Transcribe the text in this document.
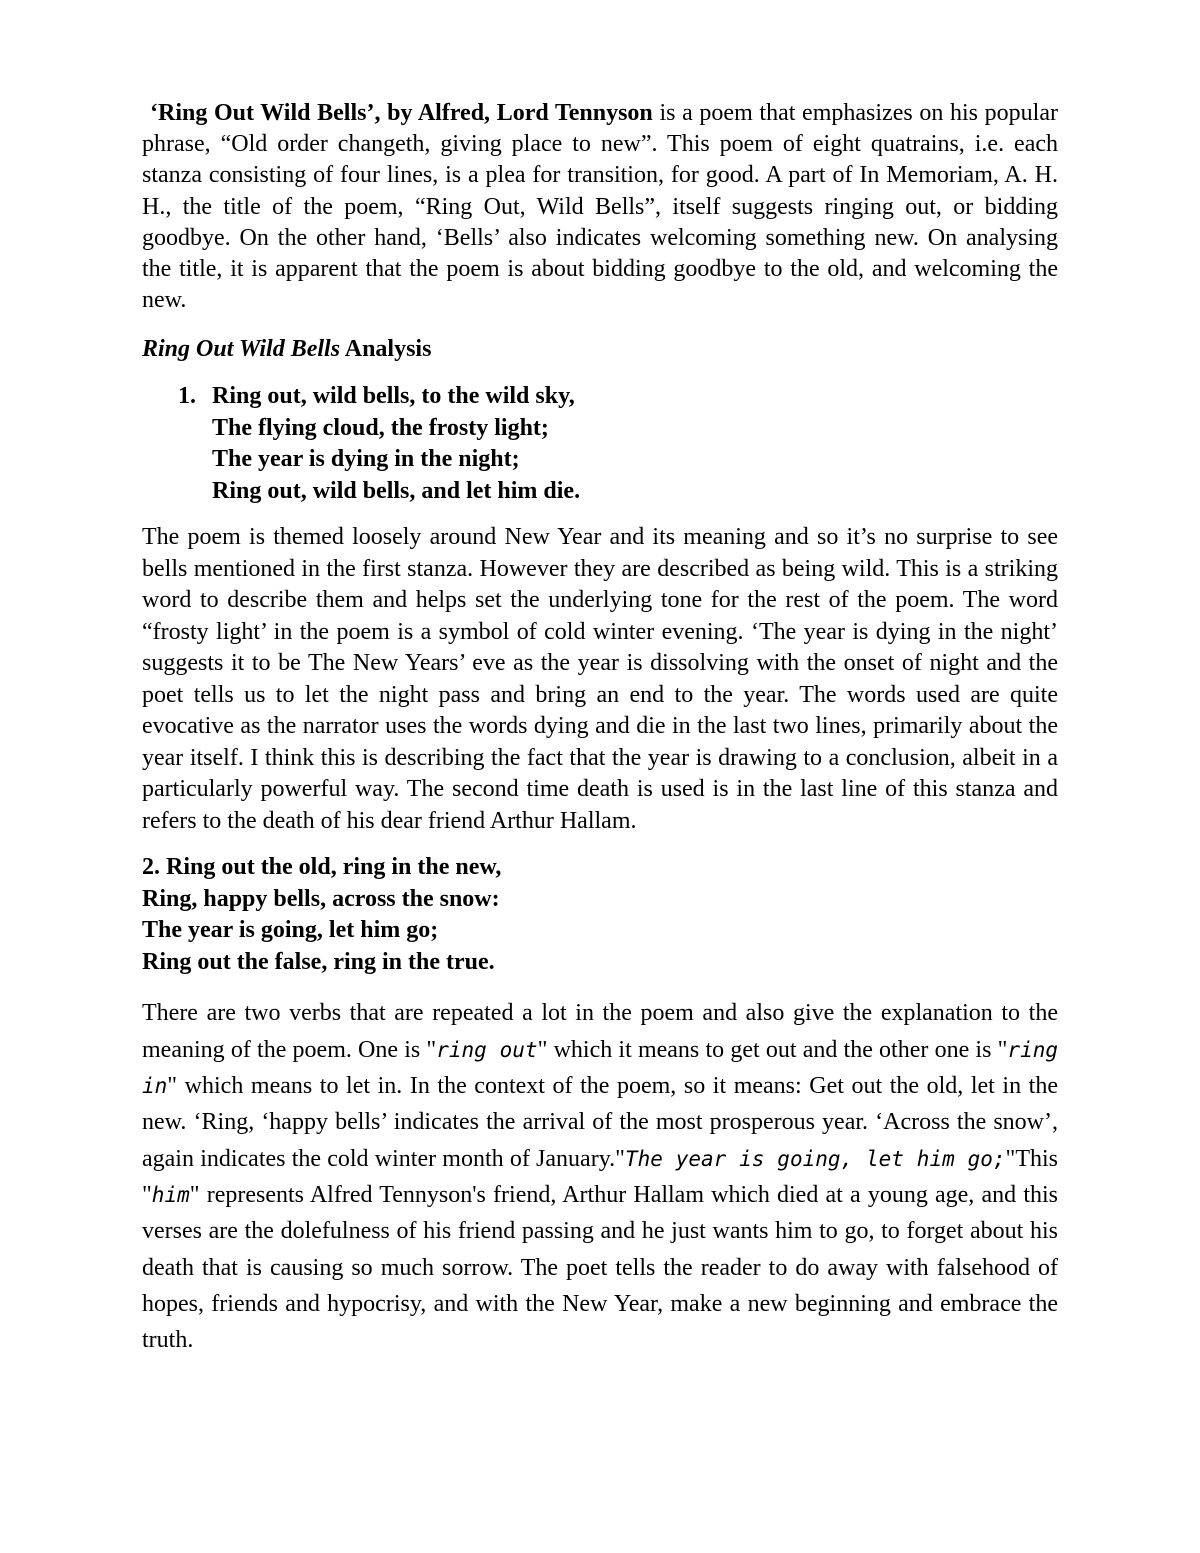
‘Ring Out Wild Bells’, by Alfred, Lord Tennyson is a poem that emphasizes on his popular phrase, “Old order changeth, giving place to new”. This poem of eight quatrains, i.e. each stanza consisting of four lines, is a plea for transition, for good. A part of In Memoriam, A. H. H., the title of the poem, “Ring Out, Wild Bells”, itself suggests ringing out, or bidding goodbye. On the other hand, ‘Bells’ also indicates welcoming something new. On analysing the title, it is apparent that the poem is about bidding goodbye to the old, and welcoming the new.

Ring Out Wild Bells Analysis

1. Ring out, wild bells, to the wild sky,
The flying cloud, the frosty light;
The year is dying in the night;
Ring out, wild bells, and let him die.

The poem is themed loosely around New Year and its meaning and so it’s no surprise to see bells mentioned in the first stanza. However they are described as being wild. This is a striking word to describe them and helps set the underlying tone for the rest of the poem. The word “frosty light’ in the poem is a symbol of cold winter evening. ‘The year is dying in the night’ suggests it to be The New Years’ eve as the year is dissolving with the onset of night and the poet tells us to let the night pass and bring an end to the year. The words used are quite evocative as the narrator uses the words dying and die in the last two lines, primarily about the year itself. I think this is describing the fact that the year is drawing to a conclusion, albeit in a particularly powerful way. The second time death is used is in the last line of this stanza and refers to the death of his dear friend Arthur Hallam.

2. Ring out the old, ring in the new,
Ring, happy bells, across the snow:
The year is going, let him go;
Ring out the false, ring in the true.

There are two verbs that are repeated a lot in the poem and also give the explanation to the meaning of the poem. One is "ring out" which it means to get out and the other one is "ring in" which means to let in. In the context of the poem, so it means: Get out the old, let in the new. ‘Ring, ‘happy bells’ indicates the arrival of the most prosperous year. ‘Across the snow’, again indicates the cold winter month of January."The year is going, let him go;"This "him" represents Alfred Tennyson's friend, Arthur Hallam which died at a young age, and this verses are the dolefulness of his friend passing and he just wants him to go, to forget about his death that is causing so much sorrow. The poet tells the reader to do away with falsehood of hopes, friends and hypocrisy, and with the New Year, make a new beginning and embrace the truth.
